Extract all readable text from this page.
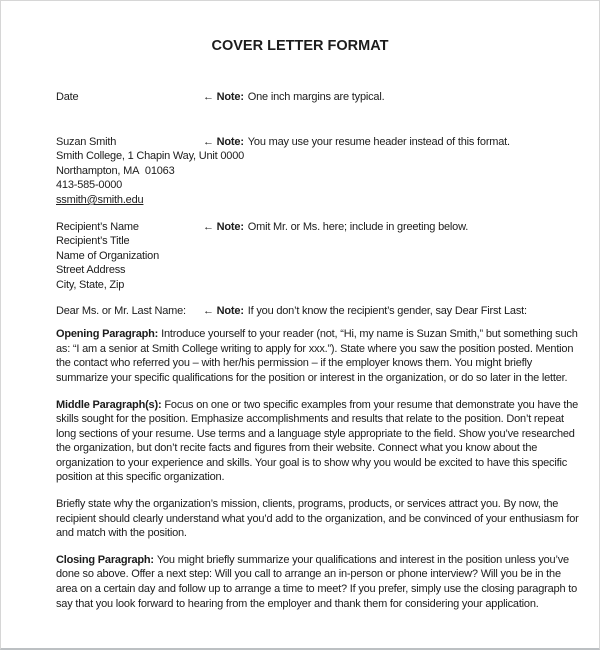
COVER LETTER FORMAT
Date	← Note: One inch margins are typical.
Suzan Smith	← Note: You may use your resume header instead of this format.
Smith College, 1 Chapin Way, Unit 0000
Northampton, MA  01063
413-585-0000
ssmith@smith.edu
Recipient’s Name	← Note: Omit Mr. or Ms. here; include in greeting below.
Recipient’s Title
Name of Organization
Street Address
City, State, Zip
Dear Ms. or Mr. Last Name:	← Note: If you don’t know the recipient’s gender, say Dear First Last:

Opening Paragraph: Introduce yourself to your reader (not, “Hi, my name is Suzan Smith,” but something such as: “I am a senior at Smith College writing to apply for xxx.”). State where you saw the position posted. Mention the contact who referred you – with her/his permission – if the employer knows them. You might briefly summarize your specific qualifications for the position or interest in the organization, or do so later in the letter.

Middle Paragraph(s): Focus on one or two specific examples from your resume that demonstrate you have the skills sought for the position. Emphasize accomplishments and results that relate to the position. Don’t repeat long sections of your resume. Use terms and a language style appropriate to the field. Show you’ve researched the organization, but don’t recite facts and figures from their website. Connect what you know about the organization to your experience and skills. Your goal is to show why you would be excited to have this specific position at this specific organization.

Briefly state why the organization’s mission, clients, programs, products, or services attract you. By now, the recipient should clearly understand what you’d add to the organization, and be convinced of your enthusiasm for and match with the position.

Closing Paragraph: You might briefly summarize your qualifications and interest in the position unless you’ve done so above. Offer a next step: Will you call to arrange an in-person or phone interview? Will you be in the area on a certain day and follow up to arrange a time to meet? If you prefer, simply use the closing paragraph to say that you look forward to hearing from the employer and thank them for considering your application.
